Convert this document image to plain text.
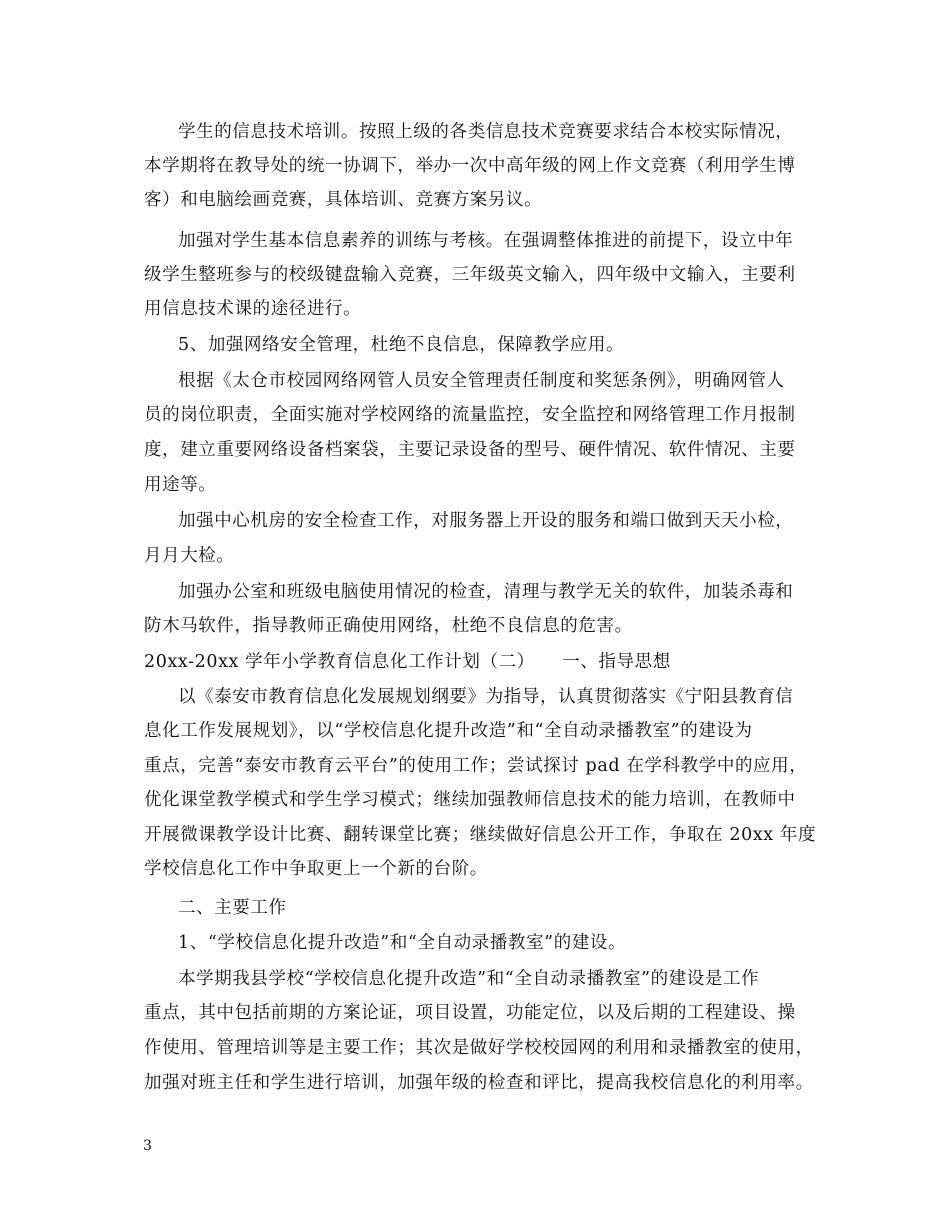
学生的信息技术培训。按照上级的各类信息技术竞赛要求结合本校实际情况，
本学期将在教导处的统一协调下，举办一次中高年级的网上作文竞赛（利用学生博
客）和电脑绘画竞赛，具体培训、竞赛方案另议。
加强对学生基本信息素养的训练与考核。在强调整体推进的前提下，设立中年
级学生整班参与的校级键盘输入竞赛，三年级英文输入，四年级中文输入，主要利
用信息技术课的途径进行。
5、加强网络安全管理，杜绝不良信息，保障教学应用。
根据《太仓市校园网络网管人员安全管理责任制度和奖惩条例》，明确网管人
员的岗位职责，全面实施对学校网络的流量监控，安全监控和网络管理工作月报制
度，建立重要网络设备档案袋，主要记录设备的型号、硬件情况、软件情况、主要
用途等。
加强中心机房的安全检查工作，对服务器上开设的服务和端口做到天天小检，
月月大检。
加强办公室和班级电脑使用情况的检查，清理与教学无关的软件，加装杀毒和
防木马软件，指导教师正确使用网络，杜绝不良信息的危害。
20xx-20xx 学年小学教育信息化工作计划（二）　　一、指导思想
以《泰安市教育信息化发展规划纲要》为指导，认真贯彻落实《宁阳县教育信
息化工作发展规划》，以“学校信息化提升改造”和“全自动录播教室”的建设为
重点，完善“泰安市教育云平台”的使用工作；尝试探讨 pad 在学科教学中的应用，
优化课堂教学模式和学生学习模式；继续加强教师信息技术的能力培训，在教师中
开展微课教学设计比赛、翻转课堂比赛；继续做好信息公开工作，争取在 20xx 年度
学校信息化工作中争取更上一个新的台阶。
二、主要工作
1、“学校信息化提升改造”和“全自动录播教室”的建设。
本学期我县学校“学校信息化提升改造”和“全自动录播教室”的建设是工作
重点，其中包括前期的方案论证，项目设置，功能定位，以及后期的工程建设、操
作使用、管理培训等是主要工作；其次是做好学校校园网的利用和录播教室的使用，
加强对班主任和学生进行培训，加强年级的检查和评比，提高我校信息化的利用率。
3
